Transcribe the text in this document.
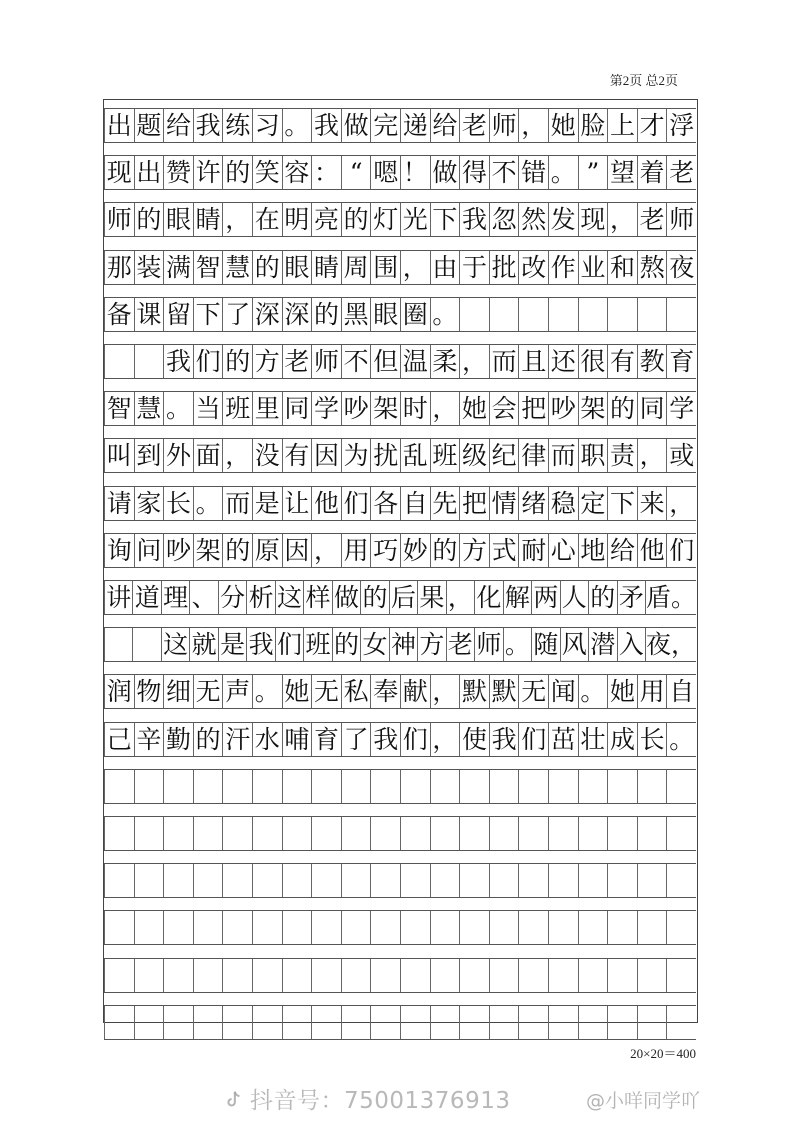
第2页 总2页
出 题 给 我 练 习 。 我 做 完 递 给 老 师 ， 她 脸 上 才 浮
现 出 赞 许 的 笑 容 ： “ 嗯 ！ 做 得 不 错 。 ” 望 着 老
师 的 眼 睛 ， 在 明 亮 的 灯 光 下 我 忽 然 发 现 ， 老 师
那 装 满 智 慧 的 眼 睛 周 围 ， 由 于 批 改 作 业 和 熬 夜
备 课 留 下 了 深 深 的 黑 眼 圈 。
我 们 的 方 老 师 不 但 温 柔 ， 而 且 还 很 有 教 育
智 慧 。 当 班 里 同 学 吵 架 时 ， 她 会 把 吵 架 的 同 学
叫 到 外 面 ， 没 有 因 为 扰 乱 班 级 纪 律 而 职 责 ， 或
请 家 长 。 而 是 让 他 们 各 自 先 把 情 绪 稳 定 下 来 ，
询 问 吵 架 的 原 因 ， 用 巧 妙 的 方 式 耐 心 地 给 他 们
讲 道 理 、 分 析 这 样 做 的 后 果 ， 化 解 两 人 的 矛 盾。
这 就 是 我 们 班 的 女 神 方 老 师 。 随 风 潜 入 夜，
润 物 细 无 声 。 她 无 私 奉 献 ， 默 默 无 闻 。 她 用 自
己 辛 勤 的 汗 水 哺 育 了 我 们 ， 使 我 们 茁 壮 成 长 。
20×20＝400
抖音号：75001376913	@小咩同学吖
